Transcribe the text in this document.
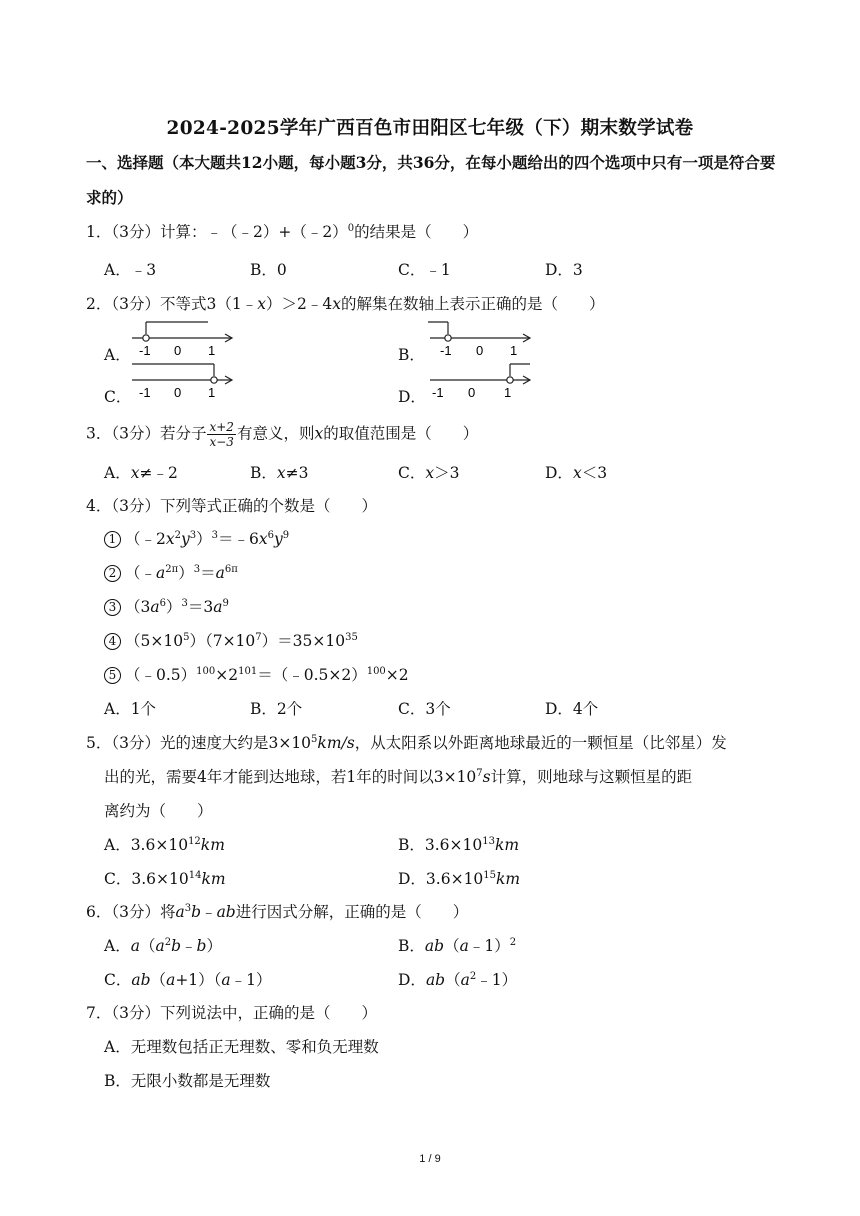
2024-2025学年广西百色市田阳区七年级（下）期末数学试卷
一、选择题（本大题共12小题，每小题3分，共36分，在每小题给出的四个选项中只有一项是符合要求的）
1．（3分）计算：﹣（﹣2）+（﹣2）$^0$的结果是（　　）
A．﹣3	B．0	C．﹣1	D．3
2．（3分）不等式3（1﹣x）＞2﹣4x的解集在数轴上表示正确的是（　　）
A． -1 0 1	B． -1 0 1
C． -1 0 1	D． -1 0 1
3．（3分）若分子 $\frac{x+2}{x-3}$ 有意义，则x的取值范围是（　　）
A．x≠﹣2	B．x≠3	C．x＞3	D．x＜3
4．（3分）下列等式正确的个数是（　　）
1 $(﹣2x^2y^3)^3=﹣6x^6y^9$
2 $(﹣a^{2\pi})^3=a^{6\pi}$
3 $(3a^6)^3=3a^9$
4 $(5\times 10^5)(7\times 10^7)=35\times 10^{35}$
5 $(﹣0.5)^{100}\times 2^{101}=(﹣0.5\times 2)^{100}\times 2$
A．1个	B．2个	C．3个	D．4个
5．（3分）光的速度大约是$3\times 10^5km/s$，从太阳系以外距离地球最近的一颗恒星（比邻星）发
出的光，需要4年才能到达地球，若1年的时间以$3\times 10^7s$计算，则地球与这颗恒星的距
离约为（　　）
A．$3.6\times 10^{12}km$	B．$3.6\times 10^{13}km$
C．$3.6\times 10^{14}km$	D．$3.6\times 10^{15}km$
6．（3分）将$a^3b﹣ab$进行因式分解，正确的是（　　）
A．$a(a^2b﹣b)$	B．ab（a﹣1）$^2$
C．ab（a+1）（a﹣1）	D．$ab(a^2﹣1)$
7．（3分）下列说法中，正确的是（　　）
A．无理数包括正无理数、零和负无理数
B．无限小数都是无理数
1 / 9
